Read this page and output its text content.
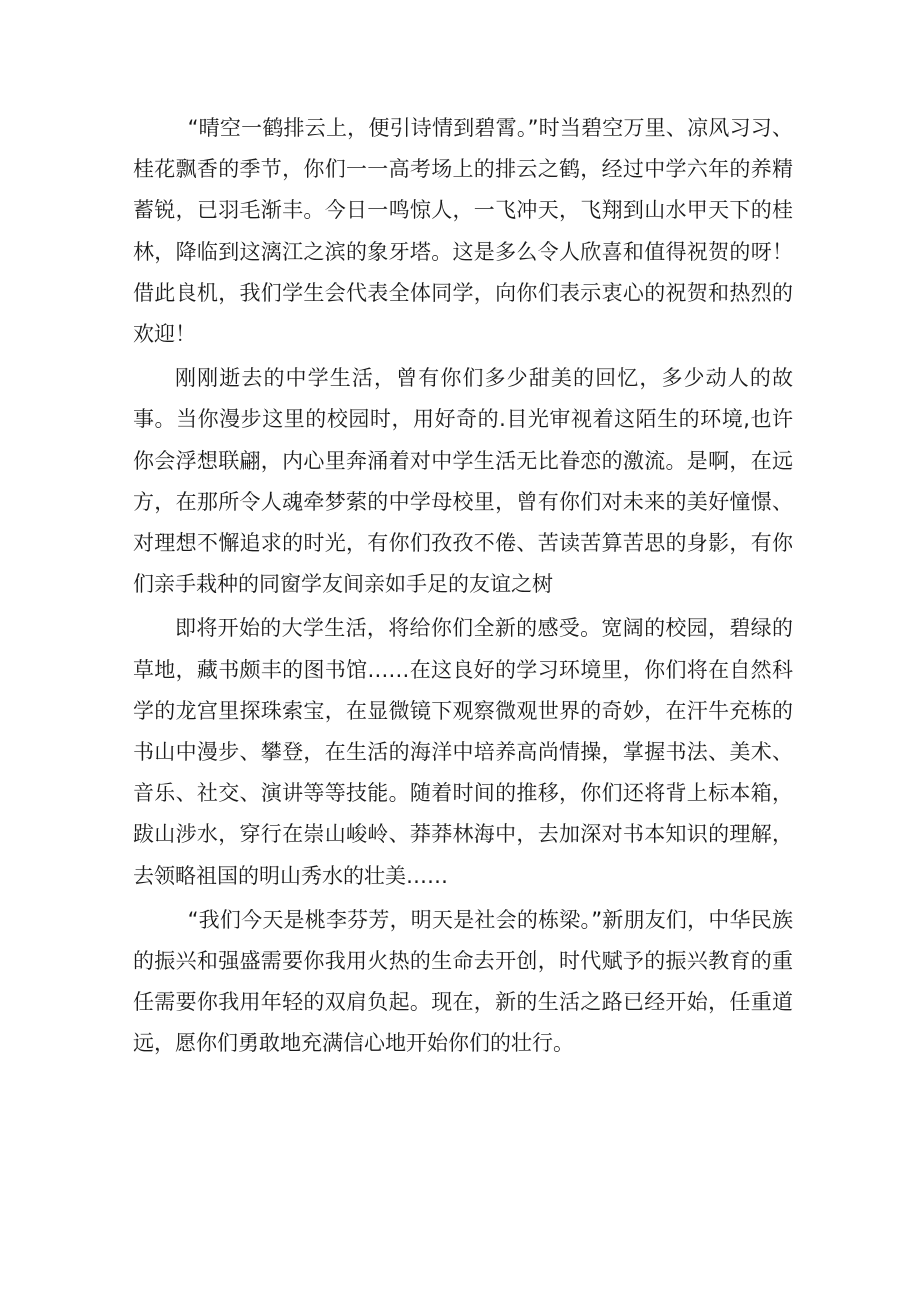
“晴空一鹤排云上，便引诗情到碧霄。”时当碧空万里、凉风习习、桂花飘香的季节，你们一一高考场上的排云之鹤，经过中学六年的养精蓄锐，已羽毛渐丰。今日一鸣惊人，一飞冲天，飞翔到山水甲天下的桂林，降临到这漓江之滨的象牙塔。这是多么令人欣喜和值得祝贺的呀！借此良机，我们学生会代表全体同学，向你们表示衷心的祝贺和热烈的欢迎！

刚刚逝去的中学生活，曾有你们多少甜美的回忆，多少动人的故事。当你漫步这里的校园时，用好奇的.目光审视着这陌生的环境,也许你会浮想联翩，内心里奔涌着对中学生活无比眷恋的激流。是啊，在远方，在那所令人魂牵梦萦的中学母校里，曾有你们对未来的美好憧憬、对理想不懈追求的时光，有你们孜孜不倦、苦读苦算苦思的身影，有你们亲手栽种的同窗学友间亲如手足的友谊之树

即将开始的大学生活，将给你们全新的感受。宽阔的校园，碧绿的草地，藏书颇丰的图书馆……在这良好的学习环境里，你们将在自然科学的龙宫里探珠索宝，在显微镜下观察微观世界的奇妙，在汗牛充栋的书山中漫步、攀登，在生活的海洋中培养高尚情操，掌握书法、美术、音乐、社交、演讲等等技能。随着时间的推移，你们还将背上标本箱，跋山涉水，穿行在崇山峻岭、莽莽林海中，去加深对书本知识的理解，去领略祖国的明山秀水的壮美……

“我们今天是桃李芬芳，明天是社会的栋梁。”新朋友们，中华民族的振兴和强盛需要你我用火热的生命去开创，时代赋予的振兴教育的重任需要你我用年轻的双肩负起。现在，新的生活之路已经开始，任重道远，愿你们勇敢地充满信心地开始你们的壮行。
